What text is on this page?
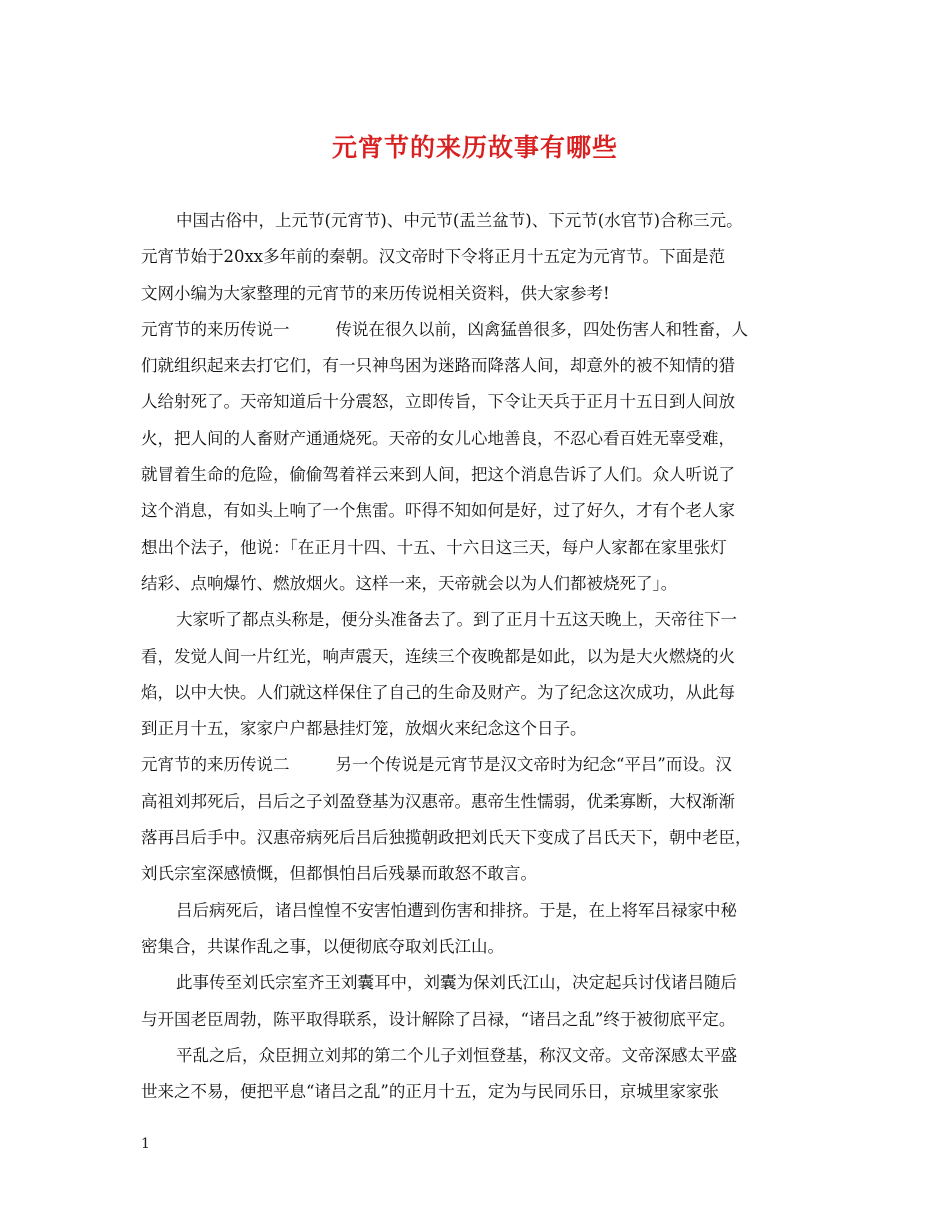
元宵节的来历故事有哪些
中国古俗中，上元节(元宵节)、中元节(盂兰盆节)、下元节(水官节)合称三元。
元宵节始于20xx多年前的秦朝。汉文帝时下令将正月十五定为元宵节。下面是范
文网小编为大家整理的元宵节的来历传说相关资料，供大家参考!
元宵节的来历传说一	传说在很久以前，凶禽猛兽很多，四处伤害人和牲畜，人
们就组织起来去打它们，有一只神鸟困为迷路而降落人间，却意外的被不知情的猎
人给射死了。天帝知道后十分震怒，立即传旨，下令让天兵于正月十五日到人间放
火，把人间的人畜财产通通烧死。天帝的女儿心地善良，不忍心看百姓无辜受难，
就冒着生命的危险，偷偷驾着祥云来到人间，把这个消息告诉了人们。众人听说了
这个消息，有如头上响了一个焦雷。吓得不知如何是好，过了好久，才有个老人家
想出个法子，他说：「在正月十四、十五、十六日这三天，每户人家都在家里张灯
结彩、点响爆竹、燃放烟火。这样一来，天帝就会以为人们都被烧死了」。
大家听了都点头称是，便分头准备去了。到了正月十五这天晚上，天帝往下一
看，发觉人间一片红光，响声震天，连续三个夜晚都是如此，以为是大火燃烧的火
焰，以中大快。人们就这样保住了自己的生命及财产。为了纪念这次成功，从此每
到正月十五，家家户户都悬挂灯笼，放烟火来纪念这个日子。
元宵节的来历传说二	另一个传说是元宵节是汉文帝时为纪念“平吕”而设。汉
高祖刘邦死后，吕后之子刘盈登基为汉惠帝。惠帝生性懦弱，优柔寡断，大权渐渐
落再吕后手中。汉惠帝病死后吕后独揽朝政把刘氏天下变成了吕氏天下，朝中老臣，
刘氏宗室深感愤慨，但都惧怕吕后残暴而敢怒不敢言。
吕后病死后，诸吕惶惶不安害怕遭到伤害和排挤。于是，在上将军吕禄家中秘
密集合，共谋作乱之事，以便彻底夺取刘氏江山。
此事传至刘氏宗室齐王刘囊耳中，刘囊为保刘氏江山，决定起兵讨伐诸吕随后
与开国老臣周勃，陈平取得联系，设计解除了吕禄，“诸吕之乱”终于被彻底平定。
平乱之后，众臣拥立刘邦的第二个儿子刘恒登基，称汉文帝。文帝深感太平盛
世来之不易，便把平息“诸吕之乱”的正月十五，定为与民同乐日，京城里家家张
1
